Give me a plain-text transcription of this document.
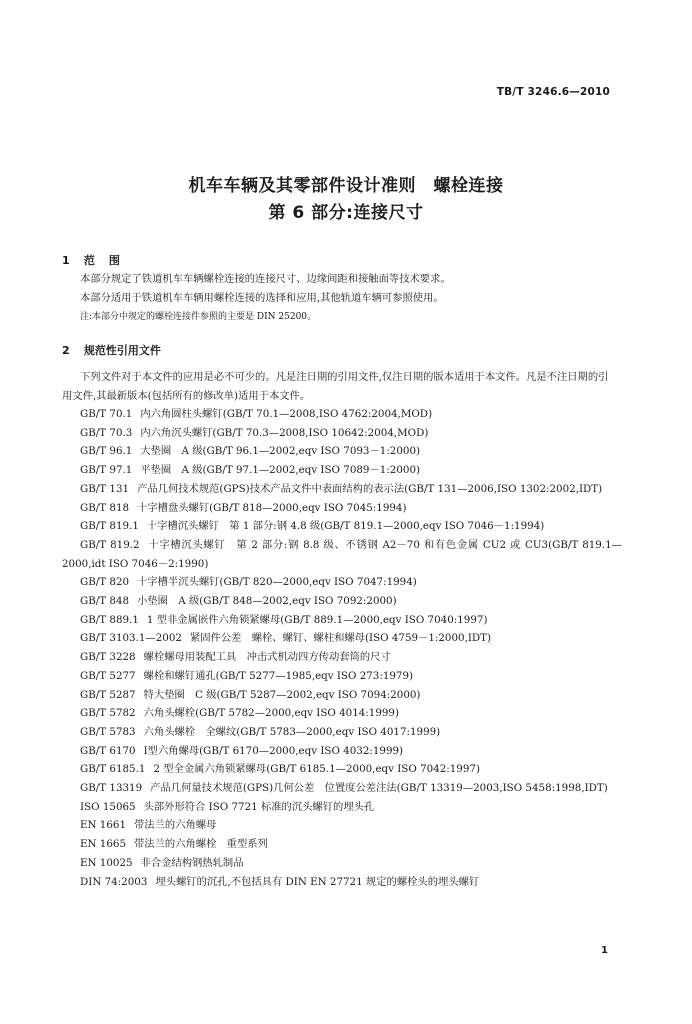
TB/T 3246.6—2010
机车车辆及其零部件设计准则　螺栓连接
第 6 部分:连接尺寸
1 范围
本部分规定了铁道机车车辆螺栓连接的连接尺寸、边缘间距和接触面等技术要求。
本部分适用于铁道机车车辆用螺栓连接的选择和应用,其他轨道车辆可参照使用。
注:本部分中规定的螺栓连接件参照的主要是 DIN 25200。
2 规范性引用文件
下列文件对于本文件的应用是必不可少的。凡是注日期的引用文件,仅注日期的版本适用于本文件。凡是不注日期的引用文件,其最新版本(包括所有的修改单)适用于本文件。
GB/T 70.1 内六角圆柱头螺钉(GB/T 70.1—2008,ISO 4762:2004,MOD)
GB/T 70.3 内六角沉头螺钉(GB/T 70.3—2008,ISO 10642:2004,MOD)
GB/T 96.1 大垫圈　A 级(GB/T 96.1—2002,eqv ISO 7093－1:2000)
GB/T 97.1 平垫圈　A 级(GB/T 97.1—2002,eqv ISO 7089－1:2000)
GB/T 131 产品几何技术规范(GPS)技术产品文件中表面结构的表示法(GB/T 131—2006,ISO 1302:2002,IDT)
GB/T 818 十字槽盘头螺钉(GB/T 818—2000,eqv ISO 7045:1994)
GB/T 819.1 十字槽沉头螺钉　第 1 部分:钢 4.8 级(GB/T 819.1—2000,eqv ISO 7046－1:1994)
GB/T 819.2 十字槽沉头螺钉　第 2 部分:钢 8.8 级、不锈钢 A2－70 和有色金属 CU2 或 CU3(GB/T 819.1—2000,idt ISO 7046－2:1990)
GB/T 820 十字槽半沉头螺钉(GB/T 820—2000,eqv ISO 7047:1994)
GB/T 848 小垫圈　A 级(GB/T 848—2002,eqv ISO 7092:2000)
GB/T 889.1 1 型非金属嵌件六角锁紧螺母(GB/T 889.1—2000,eqv ISO 7040:1997)
GB/T 3103.1—2002 紧固件公差　螺栓、螺钉、螺柱和螺母(ISO 4759－1:2000,IDT)
GB/T 3228 螺栓螺母用装配工具　冲击式机动四方传动套筒的尺寸
GB/T 5277 螺栓和螺钉通孔(GB/T 5277—1985,eqv ISO 273:1979)
GB/T 5287 特大垫圈　C 级(GB/T 5287—2002,eqv ISO 7094:2000)
GB/T 5782 六角头螺栓(GB/T 5782—2000,eqv ISO 4014:1999)
GB/T 5783 六角头螺栓　全螺纹(GB/T 5783—2000,eqv ISO 4017:1999)
GB/T 6170 Ⅰ型六角螺母(GB/T 6170—2000,eqv ISO 4032:1999)
GB/T 6185.1 2 型全金属六角锁紧螺母(GB/T 6185.1—2000,eqv ISO 7042:1997)
GB/T 13319 产品几何量技术规范(GPS)几何公差　位置度公差注法(GB/T 13319—2003,ISO 5458:1998,IDT)
ISO 15065 头部外形符合 ISO 7721 标准的沉头螺钉的埋头孔
EN 1661 带法兰的六角螺母
EN 1665 带法兰的六角螺栓　重型系列
EN 10025 非合金结构钢热轧制品
DIN 74:2003 埋头螺钉的沉孔,不包括具有 DIN EN 27721 规定的螺栓头的埋头螺钉
1
